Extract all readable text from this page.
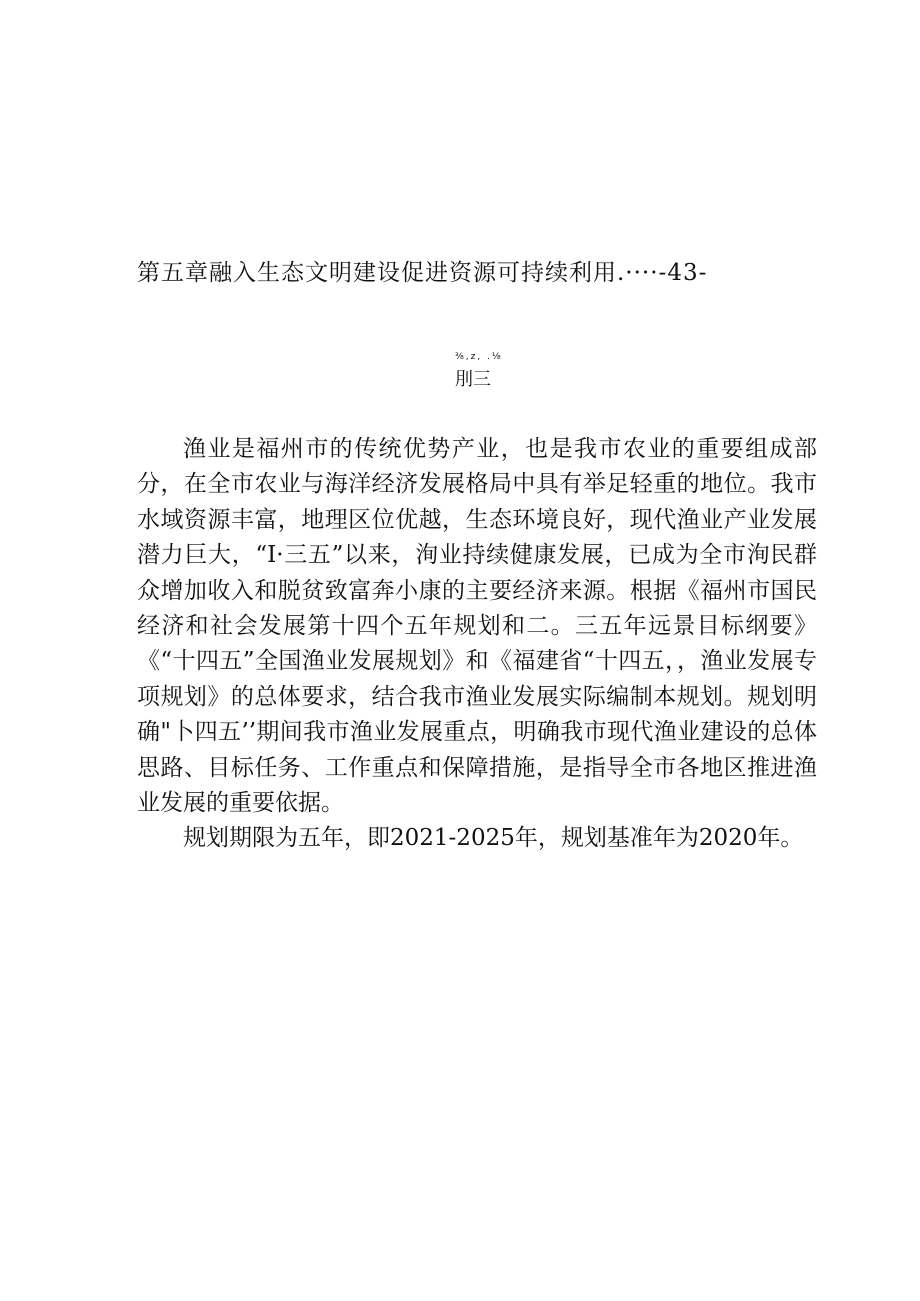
第五章融入生态文明建设促进资源可持续利用.····-43-
⅜,z, .⅛
刖三

渔业是福州市的传统优势产业，也是我市农业的重要组成部分，在全市农业与海洋经济发展格局中具有举足轻重的地位。我市水域资源丰富，地理区位优越，生态环境良好，现代渔业产业发展潜力巨大，“I·三五”以来，洵业持续健康发展，已成为全市洵民群众增加收入和脱贫致富奔小康的主要经济来源。根据《福州市国民经济和社会发展第十四个五年规划和二。三五年远景目标纲要》《“十四五”全国渔业发展规划》和《福建省“十四五，，渔业发展专项规划》的总体要求，结合我市渔业发展实际编制本规划。规划明确"卜四五’’期间我市渔业发展重点，明确我市现代渔业建设的总体思路、目标任务、工作重点和保障措施，是指导全市各地区推进渔业发展的重要依据。

规划期限为五年，即2021-2025年，规划基准年为2020年。
